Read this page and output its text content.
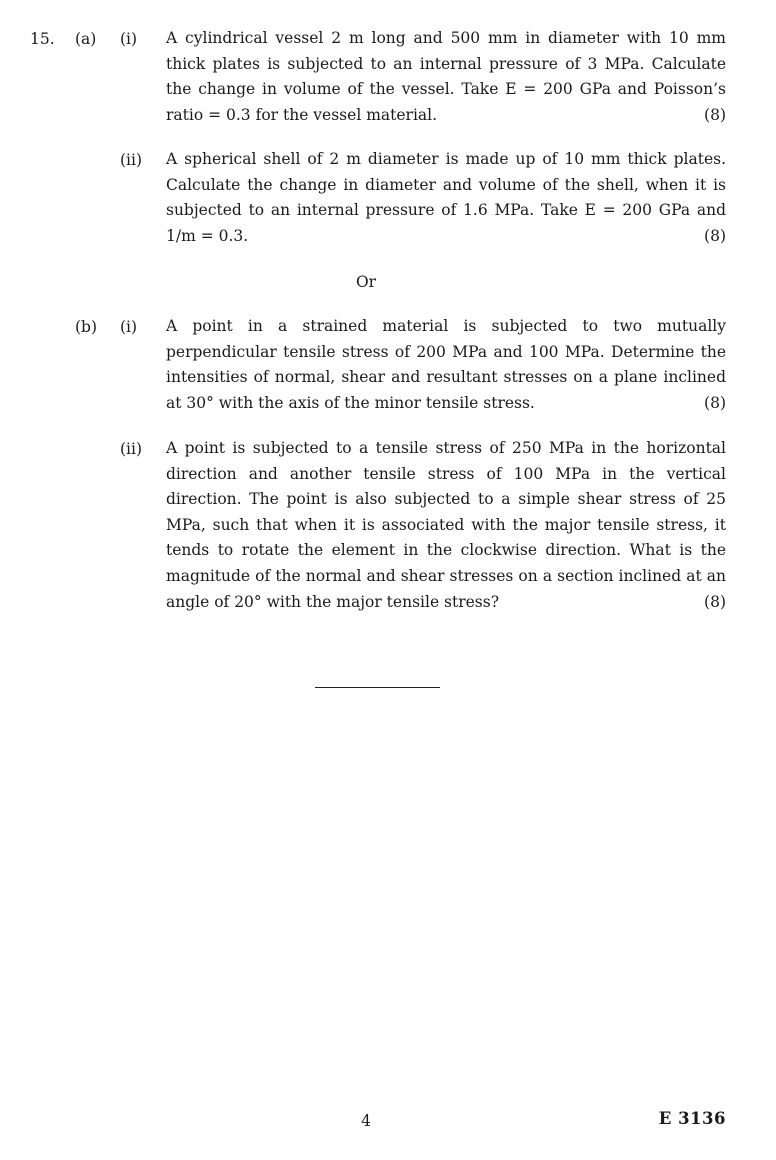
15. (a) (i) A cylindrical vessel 2 m long and 500 mm in diameter with 10 mm thick plates is subjected to an internal pressure of 3 MPa. Calculate the change in volume of the vessel. Take E = 200 GPa and Poisson’s ratio = 0.3 for the vessel material.	(8)
(ii) A spherical shell of 2 m diameter is made up of 10 mm thick plates. Calculate the change in diameter and volume of the shell, when it is subjected to an internal pressure of 1.6 MPa. Take E = 200 GPa and 1/m = 0.3.	(8)
Or
(b) (i) A point in a strained material is subjected to two mutually perpendicular tensile stress of 200 MPa and 100 MPa. Determine the intensities of normal, shear and resultant stresses on a plane inclined at 30° with the axis of the minor tensile stress.	(8)
(ii) A point is subjected to a tensile stress of 250 MPa in the horizontal direction and another tensile stress of 100 MPa in the vertical direction. The point is also subjected to a simple shear stress of 25 MPa, such that when it is associated with the major tensile stress, it tends to rotate the element in the clockwise direction. What is the magnitude of the normal and shear stresses on a section inclined at an angle of 20° with the major tensile stress?	(8)
4	E 3136
